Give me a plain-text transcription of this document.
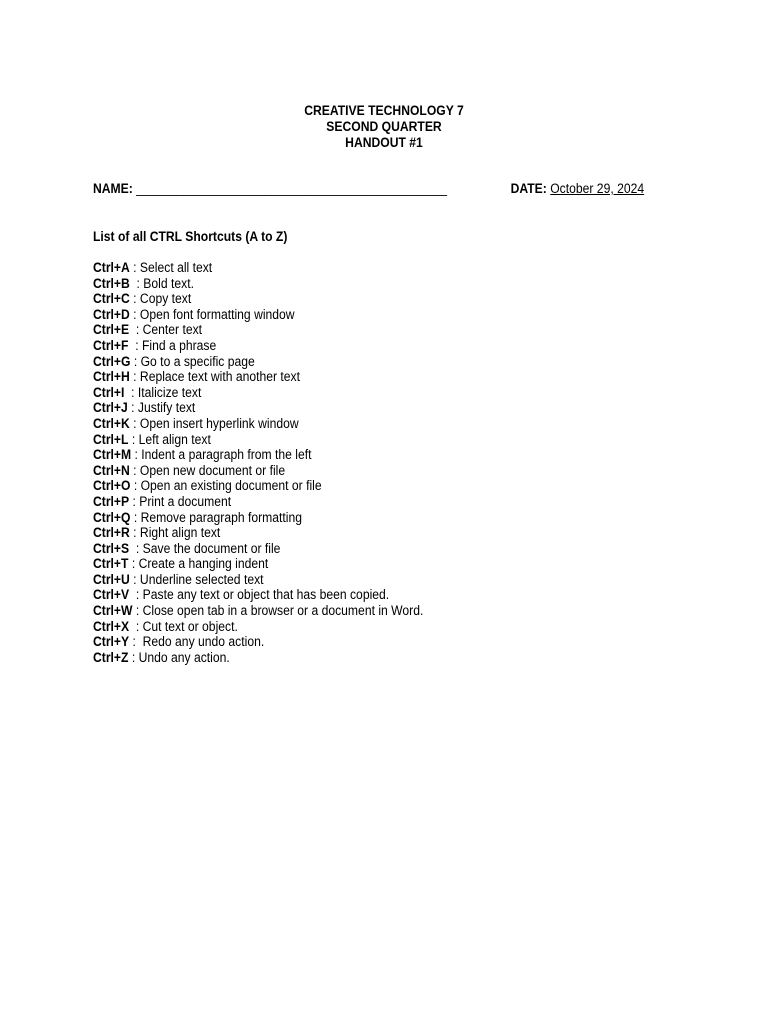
CREATIVE TECHNOLOGY 7
SECOND QUARTER
HANDOUT #1
NAME: ______________________________________________	DATE: October 29, 2024
List of all CTRL Shortcuts (A to Z)
Ctrl+A : Select all text
Ctrl+B  : Bold text.
Ctrl+C : Copy text
Ctrl+D : Open font formatting window
Ctrl+E  : Center text
Ctrl+F  : Find a phrase
Ctrl+G : Go to a specific page
Ctrl+H : Replace text with another text
Ctrl+I  : Italicize text
Ctrl+J : Justify text
Ctrl+K : Open insert hyperlink window
Ctrl+L : Left align text
Ctrl+M : Indent a paragraph from the left
Ctrl+N : Open new document or file
Ctrl+O : Open an existing document or file
Ctrl+P : Print a document
Ctrl+Q : Remove paragraph formatting
Ctrl+R : Right align text
Ctrl+S  : Save the document or file
Ctrl+T : Create a hanging indent
Ctrl+U : Underline selected text
Ctrl+V  : Paste any text or object that has been copied.
Ctrl+W : Close open tab in a browser or a document in Word.
Ctrl+X  : Cut text or object.
Ctrl+Y :  Redo any undo action.
Ctrl+Z : Undo any action.
